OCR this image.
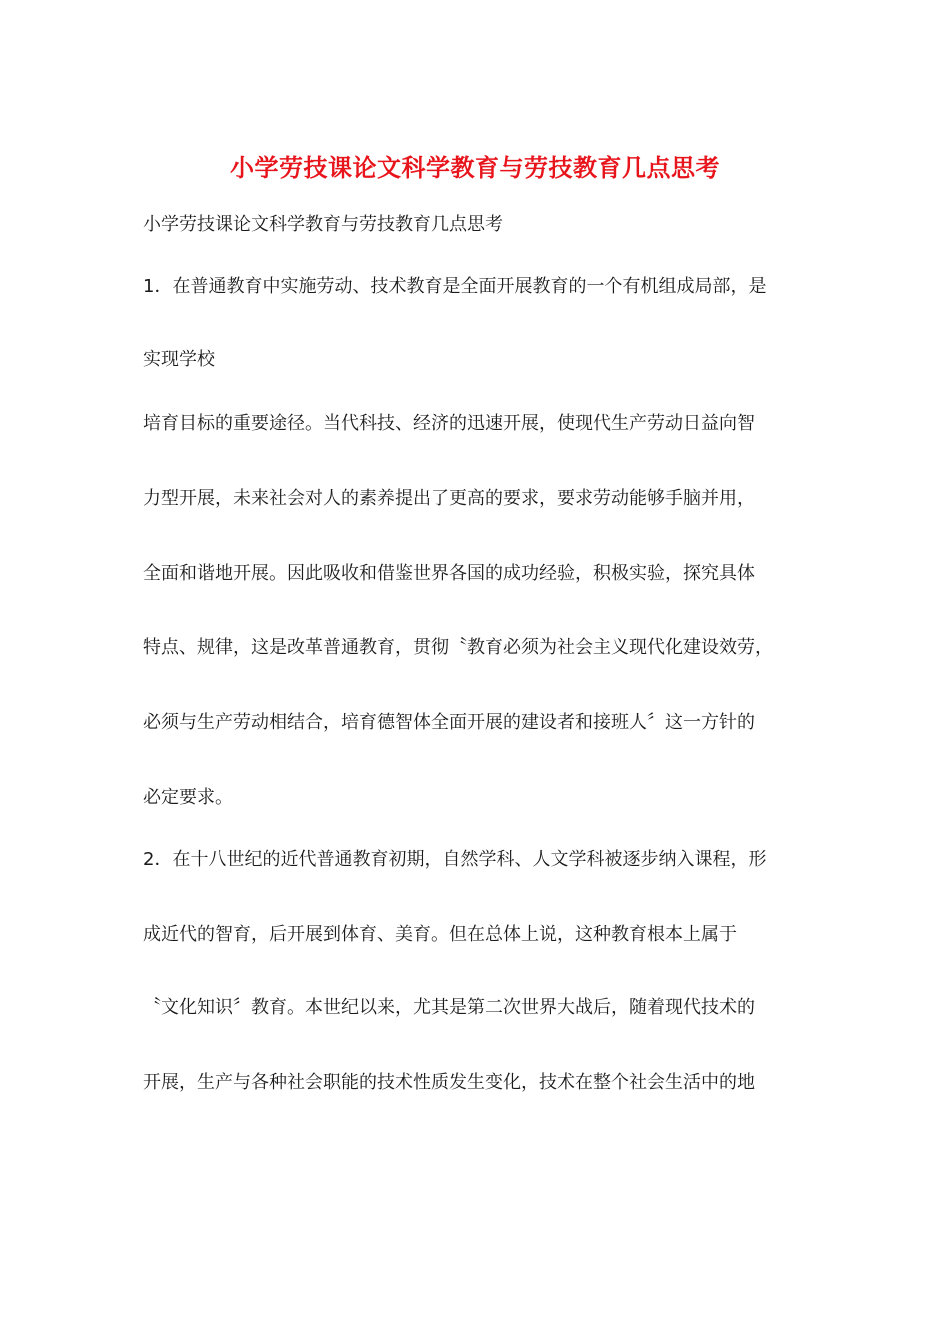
小学劳技课论文科学教育与劳技教育几点思考
小学劳技课论文科学教育与劳技教育几点思考
1．在普通教育中实施劳动、技术教育是全面开展教育的一个有机组成局部，是
实现学校
培育目标的重要途径。当代科技、经济的迅速开展，使现代生产劳动日益向智
力型开展，未来社会对人的素养提出了更高的要求，要求劳动能够手脑并用，
全面和谐地开展。因此吸收和借鉴世界各国的成功经验，积极实验，探究具体
特点、规律，这是改革普通教育，贯彻〝教育必须为社会主义现代化建设效劳，
必须与生产劳动相结合，培育德智体全面开展的建设者和接班人〞这一方针的
必定要求。
2．在十八世纪的近代普通教育初期，自然学科、人文学科被逐步纳入课程，形
成近代的智育，后开展到体育、美育。但在总体上说，这种教育根本上属于
〝文化知识〞教育。本世纪以来，尤其是第二次世界大战后，随着现代技术的
开展，生产与各种社会职能的技术性质发生变化，技术在整个社会生活中的地
